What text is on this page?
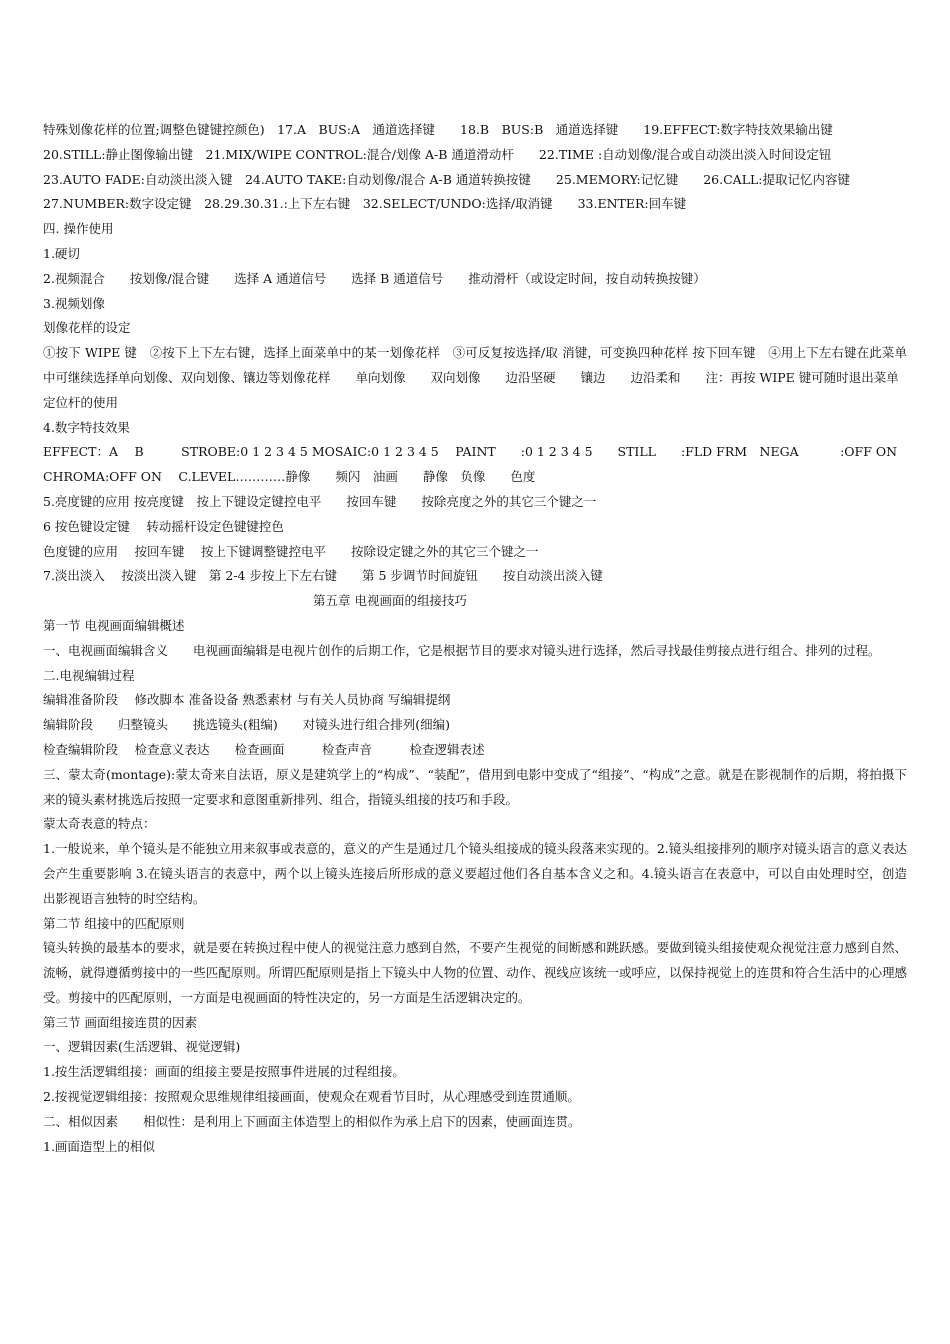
特殊划像花样的位置;调整色键键控颜色)　17.A　BUS:A　通道选择键　　18.B　BUS:B　通道选择键　　19.EFFECT:数字特技效果输出键
20.STILL:静止图像输出键　21.MIX/WIPE CONTROL:混合/划像 A-B 通道滑动杆　　22.TIME :自动划像/混合或自动淡出淡入时间设定钮
23.AUTO FADE:自动淡出淡入键　24.AUTO TAKE:自动划像/混合 A-B 通道转换按键　　25.MEMORY:记忆键　　26.CALL:提取记忆内容键
27.NUMBER:数字设定键　28.29.30.31.:上下左右键　32.SELECT/UNDO:选择/取消键　　33.ENTER:回车键
四. 操作使用
1.硬切
2.视频混合　　按划像/混合键　　选择 A 通道信号　　选择 B 通道信号　　推动滑杆（或设定时间，按自动转换按键）
3.视频划像
划像花样的设定
①按下 WIPE 键　②按下上下左右键，选择上面菜单中的某一划像花样　③可反复按选择/取 消键，可变换四种花样 按下回车键　④用上下左右键在此菜单中可继续选择单向划像、双向划像、镶边等划像花样　　单向划像　　双向划像　　边沿坚硬　　镶边　　边沿柔和　　注：再按 WIPE 键可随时退出菜单
定位杆的使用
4.数字特技效果
EFFECT：A　 B　　　STROBE:0 1 2 3 4 5 MOSAIC:0 1 2 3 4 5　 PAINT　　:0 1 2 3 4 5　　STILL　　:FLD FRM　NEGA　　　 :OFF ON
CHROMA:OFF ON　 C.LEVEL…………静像　　频闪　油画　　静像　负像　　色度
5.亮度键的应用 按亮度键　按上下键设定键控电平　　按回车键　　按除亮度之外的其它三个键之一
6 按色键设定键　 转动摇杆设定色键键控色
色度键的应用　 按回车键　 按上下键调整键控电平　　按除设定键之外的其它三个键之一
7.淡出淡入　 按淡出淡入键　第 2-4 步按上下左右键　　第 5 步调节时间旋钮　　按自动淡出淡入键
第五章 电视画面的组接技巧
第一节 电视画面编辑概述
一、电视画面编辑含义　　电视画面编辑是电视片创作的后期工作，它是根据节目的要求对镜头进行选择，然后寻找最佳剪接点进行组合、排列的过程。
二.电视编辑过程
编辑准备阶段　 修改脚本 准备设备 熟悉素材 与有关人员协商 写编辑提纲
编辑阶段　　归整镜头　　挑选镜头(粗编)　　对镜头进行组合排列(细编)
检查编辑阶段　 检查意义表达　　检查画面　　　检查声音　　　检查逻辑表述
三、蒙太奇(montage):蒙太奇来自法语，原义是建筑学上的“构成”、“装配”，借用到电影中变成了“组接”、“构成”之意。就是在影视制作的后期，将拍摄下来的镜头素材挑选后按照一定要求和意图重新排列、组合，指镜头组接的技巧和手段。
蒙太奇表意的特点：
1.一般说来，单个镜头是不能独立用来叙事或表意的，意义的产生是通过几个镜头组接成的镜头段落来实现的。2.镜头组接排列的顺序对镜头语言的意义表达会产生重要影响 3.在镜头语言的表意中，两个以上镜头连接后所形成的意义要超过他们各自基本含义之和。4.镜头语言在表意中，可以自由处理时空，创造出影视语言独特的时空结构。
第二节 组接中的匹配原则
镜头转换的最基本的要求，就是要在转换过程中使人的视觉注意力感到自然，不要产生视觉的间断感和跳跃感。要做到镜头组接使观众视觉注意力感到自然、流畅，就得遵循剪接中的一些匹配原则。所谓匹配原则是指上下镜头中人物的位置、动作、视线应该统一或呼应，以保持视觉上的连贯和符合生活中的心理感受。剪接中的匹配原则，一方面是电视画面的特性决定的，另一方面是生活逻辑决定的。
第三节 画面组接连贯的因素
一、逻辑因素(生活逻辑、视觉逻辑)
1.按生活逻辑组接：画面的组接主要是按照事件进展的过程组接。
2.按视觉逻辑组接：按照观众思维规律组接画面，使观众在观看节目时，从心理感受到连贯通顺。
二、相似因素　　相似性：是利用上下画面主体造型上的相似作为承上启下的因素，使画面连贯。
1.画面造型上的相似
